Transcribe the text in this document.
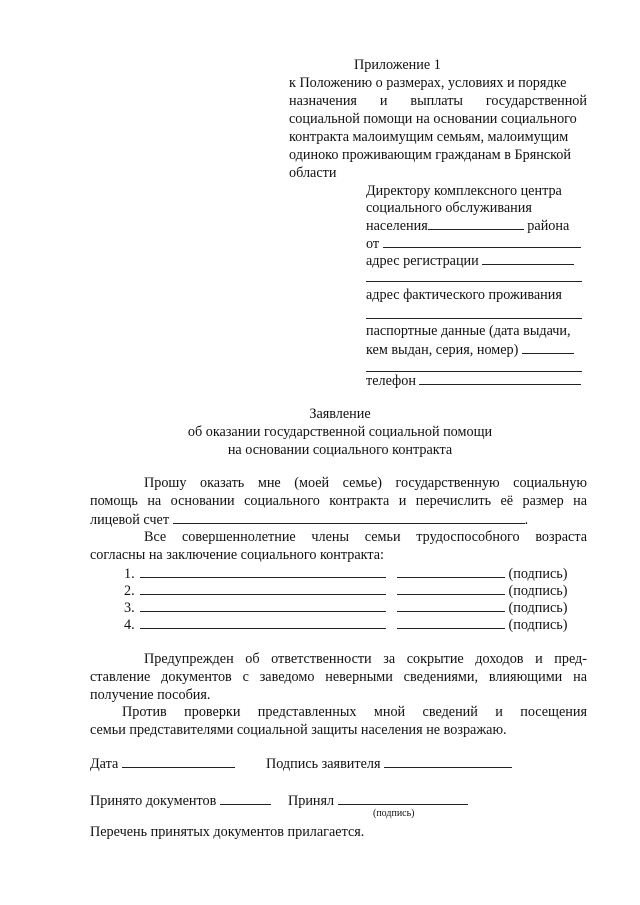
Приложение 1
к Положению о размерах, условиях и порядке
назначения и выплаты государственной
социальной помощи на основании социального
контракта малоимущим семьям, малоимущим
одиноко проживающим гражданам в Брянской
области
Директору комплексного центра
социального обслуживания
населения	района
от
адрес регистрации
адрес фактического проживания
паспортные данные (дата выдачи,
кем выдан, серия, номер)
телефон
Заявление
об оказании государственной социальной помощи
на основании социального контракта
Прошу оказать мне (моей семье) государственную социальную
помощь на основании социального контракта и перечислить её размер на
лицевой счет	.
Все совершеннолетние члены семьи трудоспособного возраста
согласны на заключение социального контракта:
1.	(подпись)
2.	(подпись)
3.	(подпись)
4.	(подпись)
Предупрежден об ответственности за сокрытие доходов и пред-
ставление документов с заведомо неверными сведениями, влияющими на
получение пособия.
Против проверки представленных мной сведений и посещения
семьи представителями социальной защиты населения не возражаю.
Дата	Подпись заявителя
Принято документов	Принял
(подпись)
Перечень принятых документов прилагается.
